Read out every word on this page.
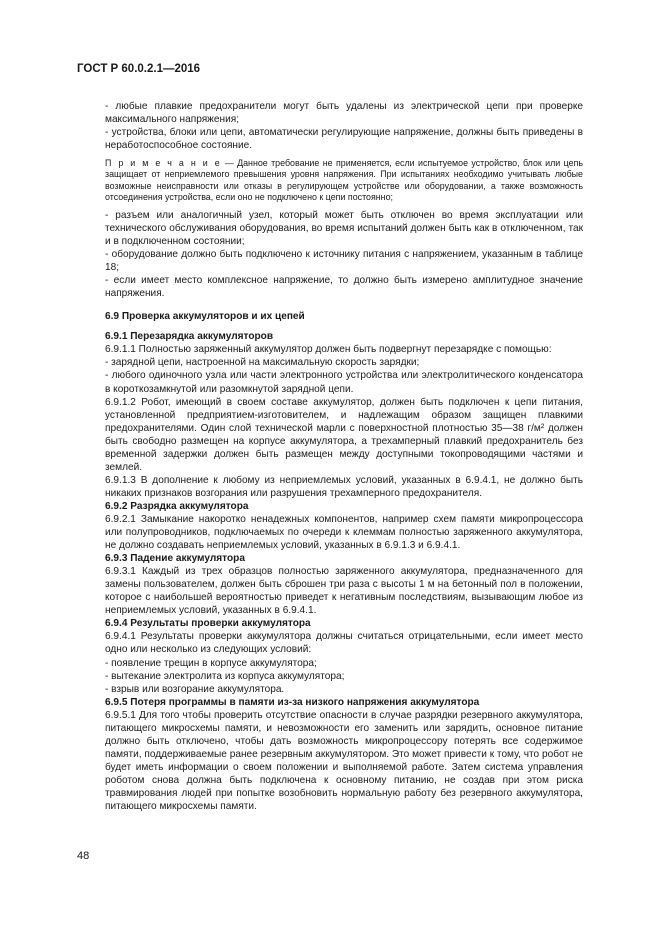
ГОСТ Р 60.0.2.1—2016

- любые плавкие предохранители могут быть удалены из электрической цепи при проверке максимального напряжения;

- устройства, блоки или цепи, автоматически регулирующие напряжение, должны быть приведены в неработоспособное состояние.

П р и м е ч а н и е — Данное требование не применяется, если испытуемое устройство, блок или цепь защищает от неприемлемого превышения уровня напряжения. При испытаниях необходимо учитывать любые возможные неисправности или отказы в регулирующем устройстве или оборудовании, а также возможность отсоединения устройства, если оно не подключено к цепи постоянно;

- разъем или аналогичный узел, который может быть отключен во время эксплуатации или технического обслуживания оборудования, во время испытаний должен быть как в отключенном, так и в подключенном состоянии;

- оборудование должно быть подключено к источнику питания с напряжением, указанным в таблице 18;

- если имеет место комплексное напряжение, то должно быть измерено амплитудное значение напряжения.

6.9 Проверка аккумуляторов и их цепей
6.9.1 Перезарядка аккумуляторов

6.9.1.1 Полностью заряженный аккумулятор должен быть подвергнут перезарядке с помощью:

- зарядной цепи, настроенной на максимальную скорость зарядки;

- любого одиночного узла или части электронного устройства или электролитического конденсатора в короткозамкнутой или разомкнутой зарядной цепи.

6.9.1.2 Робот, имеющий в своем составе аккумулятор, должен быть подключен к цепи питания, установленной предприятием-изготовителем, и надлежащим образом защищен плавкими предохранителями. Один слой технической марли с поверхностной плотностью 35—38 г/м² должен быть свободно размещен на корпусе аккумулятора, а трехамперный плавкий предохранитель без временной задержки должен быть размещен между доступными токопроводящими частями и землей.

6.9.1.3 В дополнение к любому из неприемлемых условий, указанных в 6.9.4.1, не должно быть никаких признаков возгорания или разрушения трехамперного предохранителя.

6.9.2 Разрядка аккумулятора

6.9.2.1 Замыкание накоротко ненадежных компонентов, например схем памяти микропроцессора или полупроводников, подключаемых по очереди к клеммам полностью заряженного аккумулятора, не должно создавать неприемлемых условий, указанных в 6.9.1.3 и 6.9.4.1.

6.9.3 Падение аккумулятора

6.9.3.1 Каждый из трех образцов полностью заряженного аккумулятора, предназначенного для замены пользователем, должен быть сброшен три раза с высоты 1 м на бетонный пол в положении, которое с наибольшей вероятностью приведет к негативным последствиям, вызывающим любое из неприемлемых условий, указанных в 6.9.4.1.

6.9.4 Результаты проверки аккумулятора

6.9.4.1 Результаты проверки аккумулятора должны считаться отрицательными, если имеет место одно или несколько из следующих условий:

- появление трещин в корпусе аккумулятора;

- вытекание электролита из корпуса аккумулятора;

- взрыв или возгорание аккумулятора.

6.9.5 Потеря программы в памяти из-за низкого напряжения аккумулятора

6.9.5.1 Для того чтобы проверить отсутствие опасности в случае разрядки резервного аккумулятора, питающего микросхемы памяти, и невозможности его заменить или зарядить, основное питание должно быть отключено, чтобы дать возможность микропроцессору потерять все содержимое памяти, поддерживаемые ранее резервным аккумулятором. Это может привести к тому, что робот не будет иметь информации о своем положении и выполняемой работе. Затем система управления роботом снова должна быть подключена к основному питанию, не создав при этом риска травмирования людей при попытке возобновить нормальную работу без резервного аккумулятора, питающего микросхемы памяти.

48
